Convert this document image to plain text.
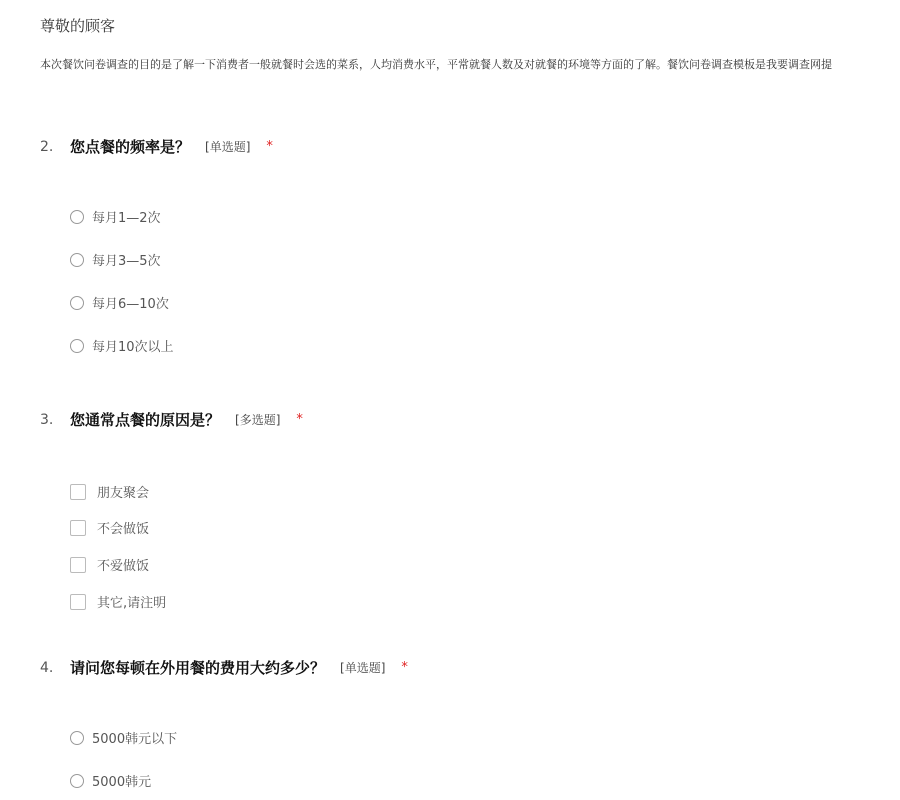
尊敬的顾客
本次餐饮问卷调查的目的是了解一下消费者一般就餐时会选的菜系，人均消费水平，平常就餐人数及对就餐的环境等方面的了解。餐饮问卷调查模板是我要调查网提
2.	您点餐的频率是？ [单选题] *
每月1—2次
每月3—5次
每月6—10次
每月10次以上
3.	您通常点餐的原因是？ [多选题] *
朋友聚会
不会做饭
不爱做饭
其它,请注明
4.	请问您每顿在外用餐的费用大约多少？ [单选题] *
5000韩元以下
5000韩元
